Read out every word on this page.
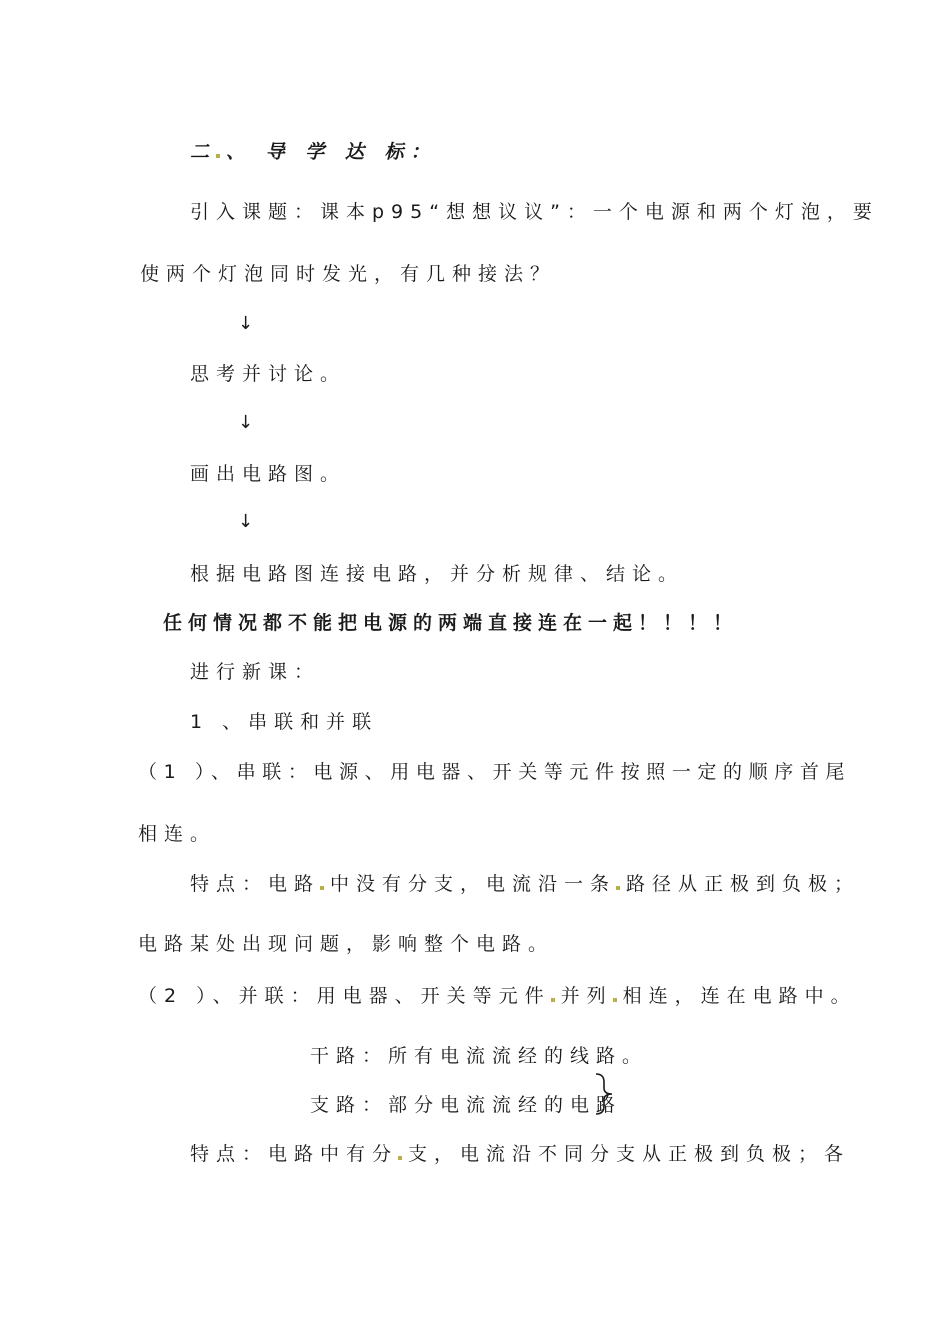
二 、 导 学 达 标：
引入课题：课本p95“想想议议”：一个电源和两个灯泡，要
使两个灯泡同时发光，有几种接法？
↓
思考并讨论。
↓
画出电路图。
↓
根据电路图连接电路，并分析规律、结论。
任何情况都不能把电源的两端直接连在一起！！！！
进行新课：
1 、串联和并联
（1 ）、串联：电源、用电器、开关等元件按照一定的顺序首尾
相连。
特点：电路 中没有分支，电流沿一条 路径从正极到负极；
电路某处出现问题，影响整个电路。
（2 ）、并联：用电器、开关等元件 并列 相连，连在电路中。
干路：所有电流流经的线路。
支路：部分电流流经的电路
特点：电路中有分 支，电流沿不同分支从正极到负极；各
